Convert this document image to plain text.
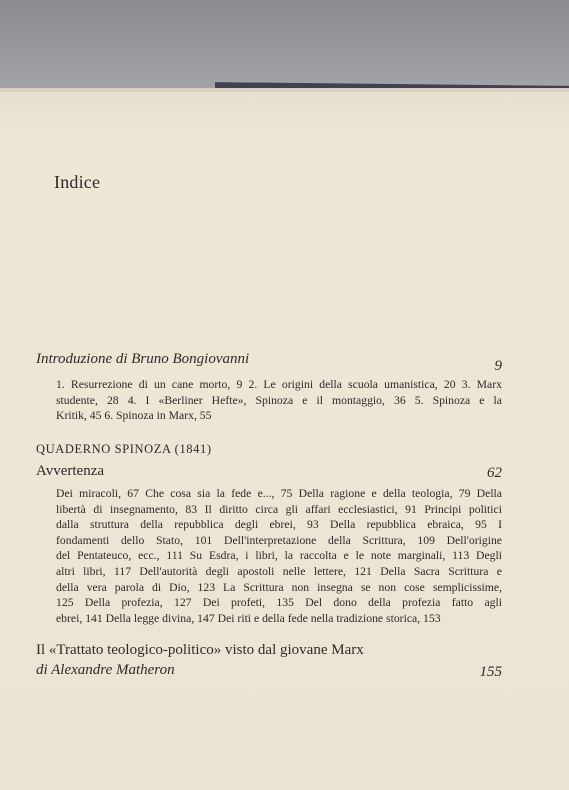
Indice
Introduzione di Bruno Bongiovanni	9
1. Resurrezione di un cane morto, 9 2. Le origini della scuola umanistica, 20 3. Marx
studente, 28 4. I «Berliner Hefte», Spinoza e il montaggio, 36 5. Spinoza e la
Kritik, 45 6. Spinoza in Marx, 55
QUADERNO SPINOZA (1841)
Avvertenza	62
Dei miracoli, 67 Che cosa sia la fede e..., 75 Della ragione e della teologia, 79 Della
libertà di insegnamento, 83 Il diritto circa gli affari ecclesiastici, 91 Principi politici
dalla struttura della repubblica degli ebrei, 93 Della repubblica ebraica, 95 I
fondamenti dello Stato, 101 Dell'interpretazione della Scrittura, 109 Dell'origine
del Pentateuco, ecc., 111 Su Esdra, i libri, la raccolta e le note marginali, 113 Degli
altri libri, 117 Dell'autorità degli apostoli nelle lettere, 121 Della Sacra Scrittura e
della vera parola di Dio, 123 La Scrittura non insegna se non cose semplicissime,
125 Della profezia, 127 Dei profeti, 135 Del dono della profezia fatto agli
ebrei, 141 Della legge divina, 147 Dei riti e della fede nella tradizione storica, 153
Il «Trattato teologico-politico» visto dal giovane Marx
di Alexandre Matheron	155
